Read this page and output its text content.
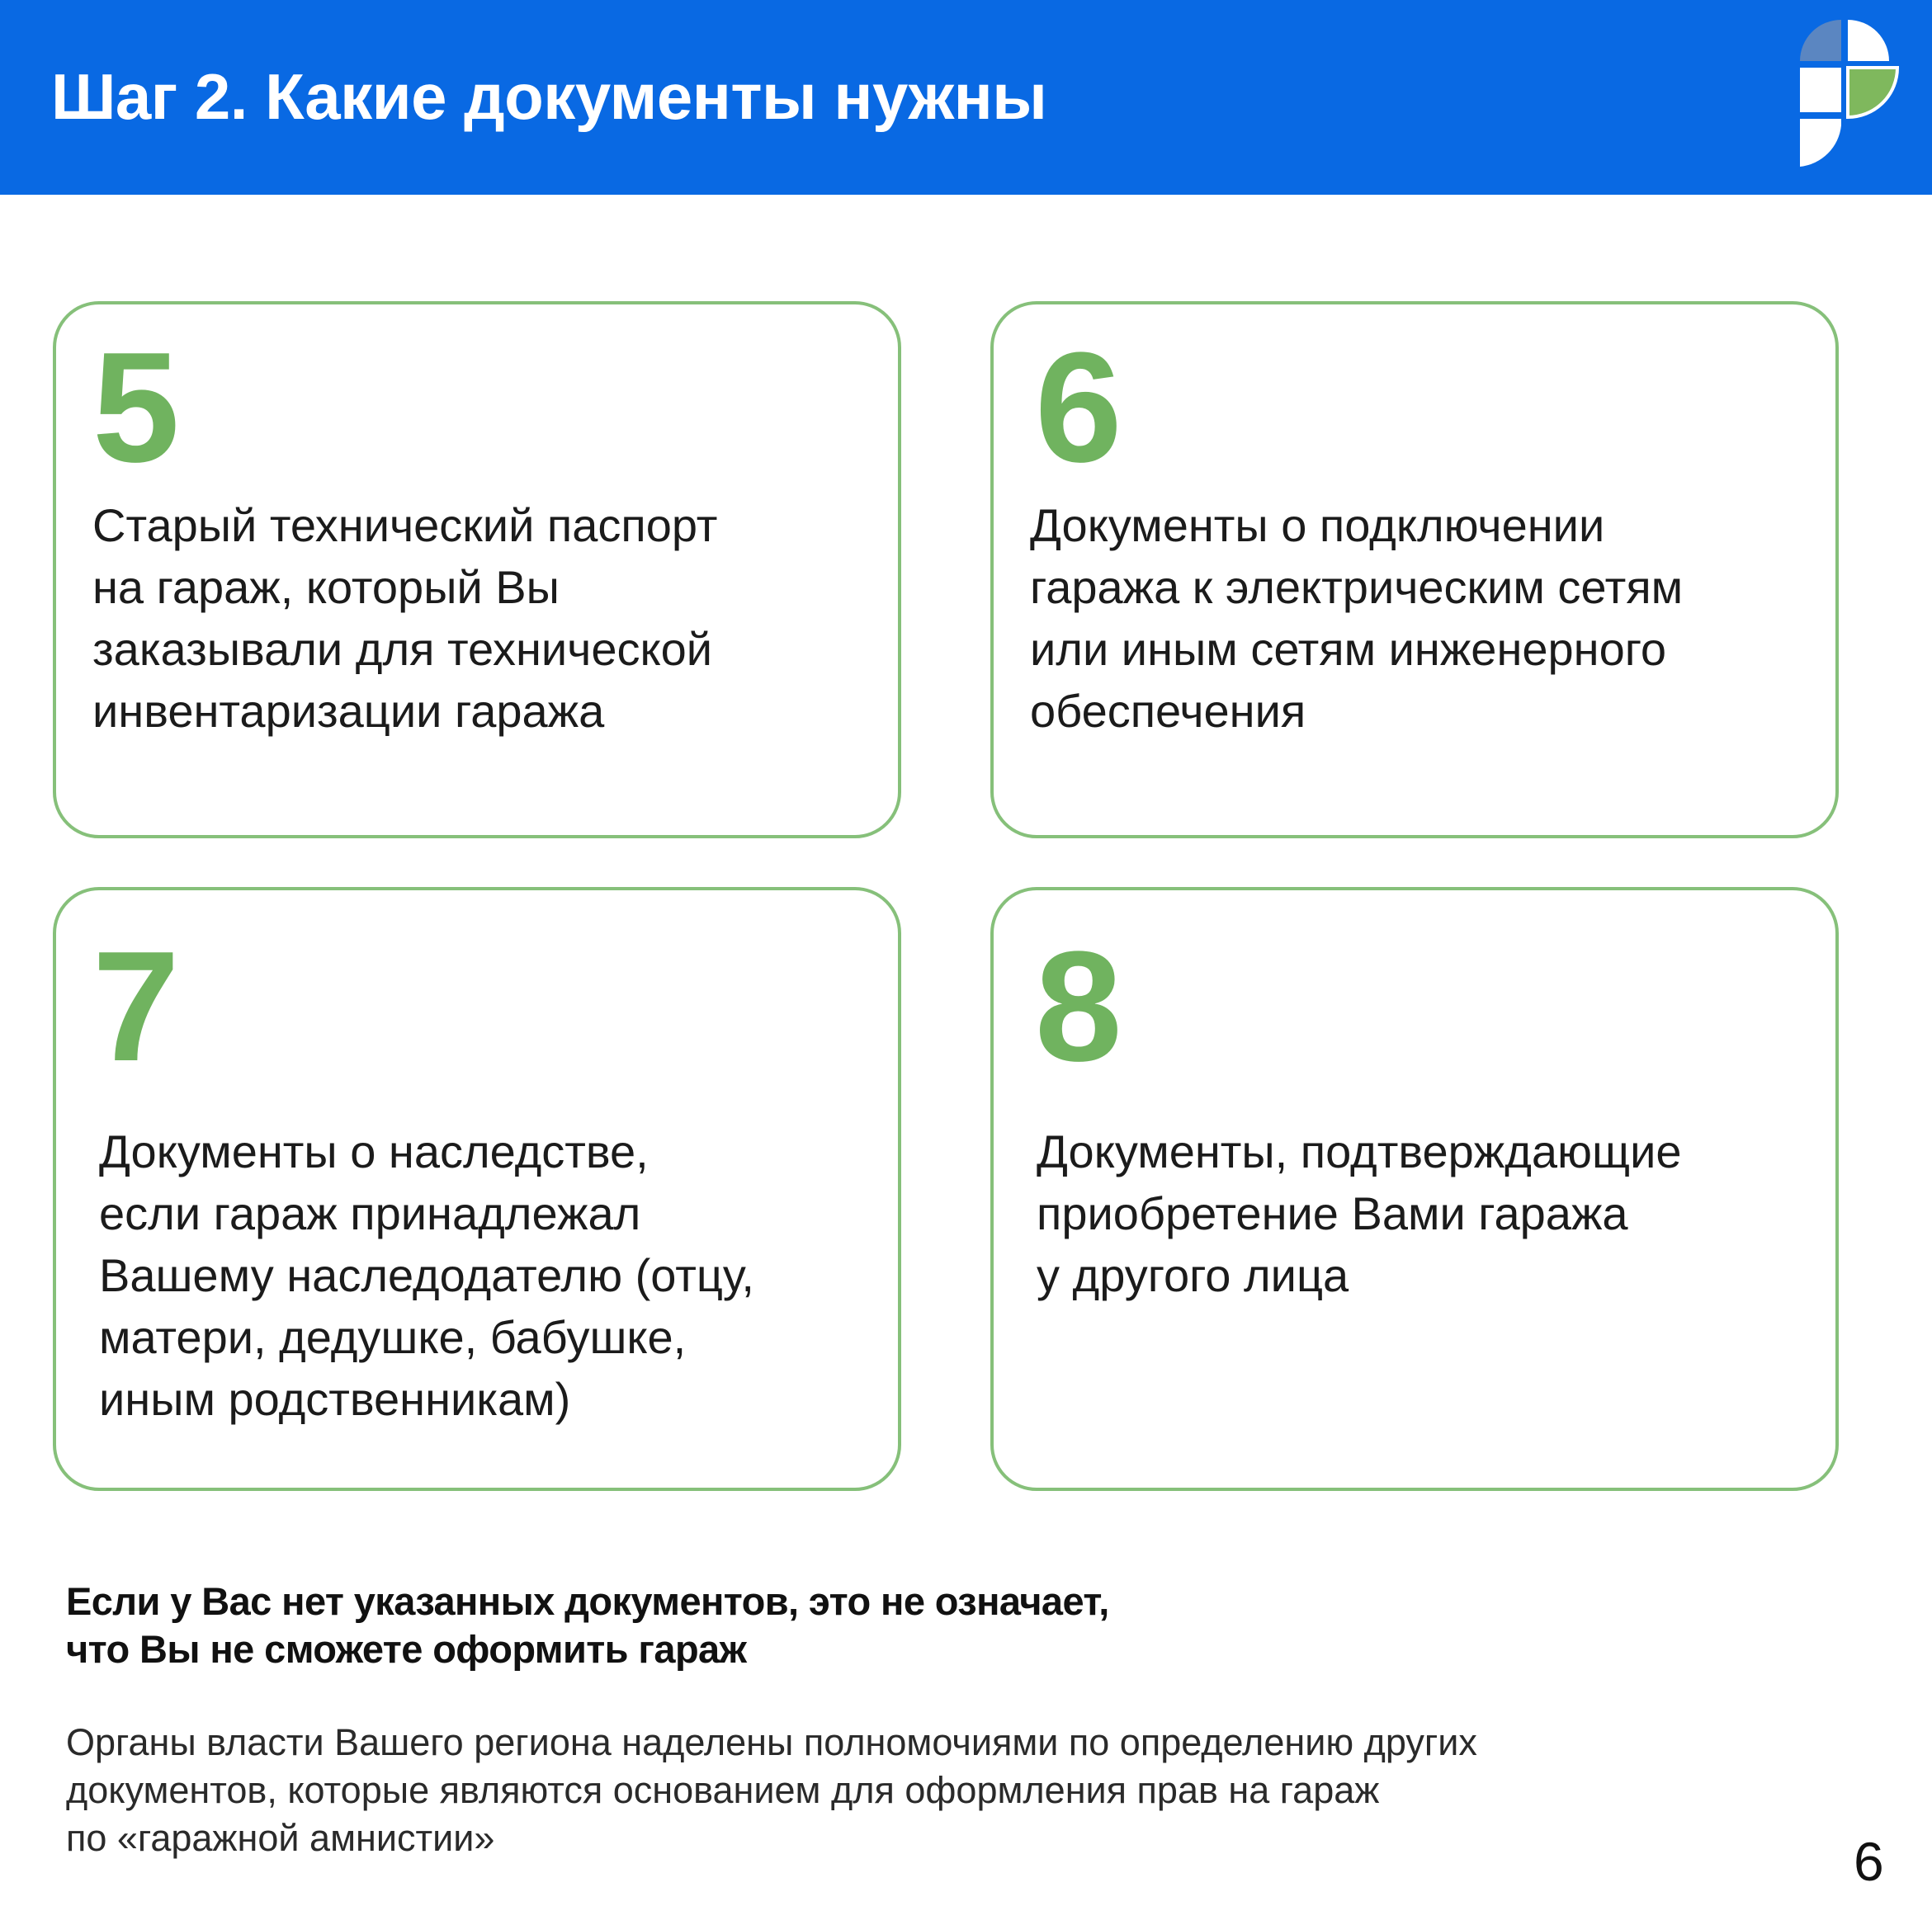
Шаг 2. Какие документы нужны
5
Старый технический паспорт
на гараж, который Вы
заказывали для технической
инвентаризации гаража
6
Документы о подключении
гаража к электрическим сетям
или иным сетям инженерного
обеспечения
7
Документы о наследстве,
если гараж принадлежал
Вашему наследодателю (отцу,
матери, дедушке, бабушке,
иным родственникам)
8
Документы, подтверждающие
приобретение Вами гаража
у другого лица
Если у Вас нет указанных документов, это не означает,
что Вы не сможете оформить гараж
Органы власти Вашего региона наделены полномочиями по определению других
документов, которые являются основанием для оформления прав на гараж
по «гаражной амнистии»	6
